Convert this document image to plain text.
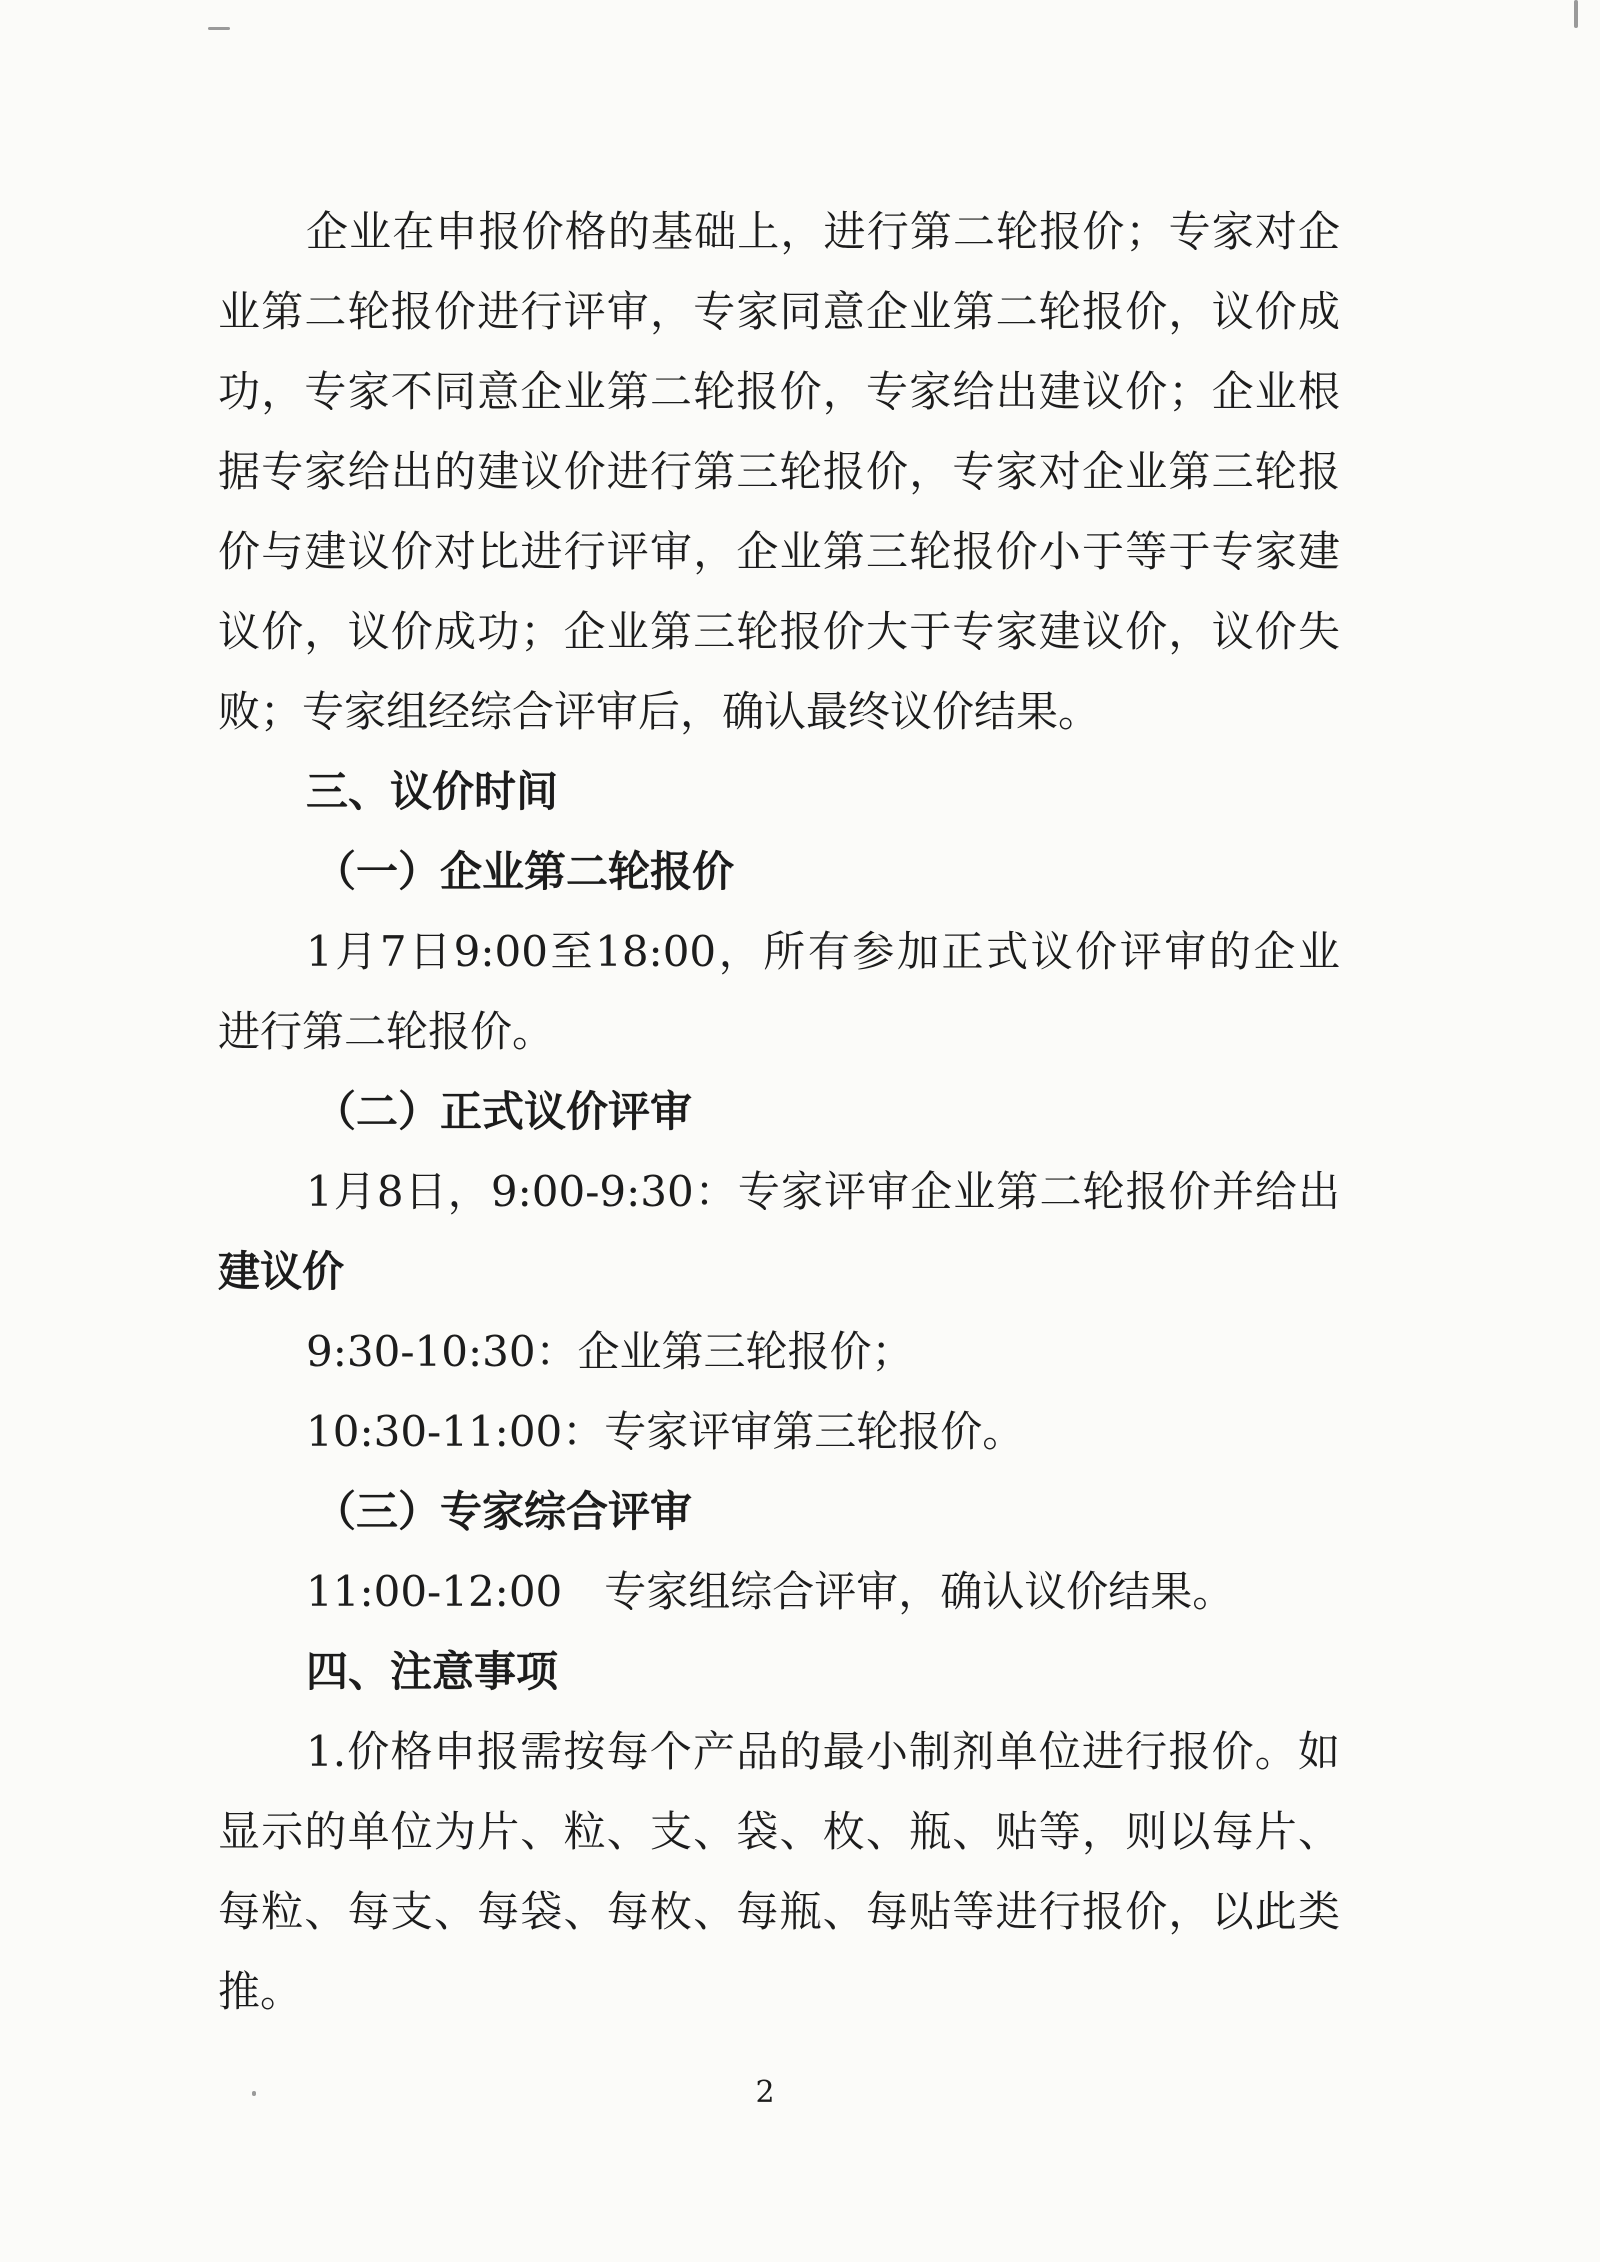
企业在申报价格的基础上，进行第二轮报价；专家对企
业第二轮报价进行评审，专家同意企业第二轮报价，议价成
功，专家不同意企业第二轮报价，专家给出建议价；企业根
据专家给出的建议价进行第三轮报价，专家对企业第三轮报
价与建议价对比进行评审，企业第三轮报价小于等于专家建
议价，议价成功；企业第三轮报价大于专家建议价，议价失
败；专家组经综合评审后，确认最终议价结果。
三、议价时间
（一）企业第二轮报价
1月7日9:00至18:00，所有参加正式议价评审的企业
进行第二轮报价。
（二）正式议价评审
1月8日，9:00-9:30：专家评审企业第二轮报价并给出
建议价
9:30-10:30：企业第三轮报价；
10:30-11:00：专家评审第三轮报价。
（三）专家综合评审
11:00-12:00　专家组综合评审，确认议价结果。
四、注意事项
1.价格申报需按每个产品的最小制剂单位进行报价。如
显示的单位为片、粒、支、袋、枚、瓶、贴等，则以每片、
每粒、每支、每袋、每枚、每瓶、每贴等进行报价，以此类
推。
2
